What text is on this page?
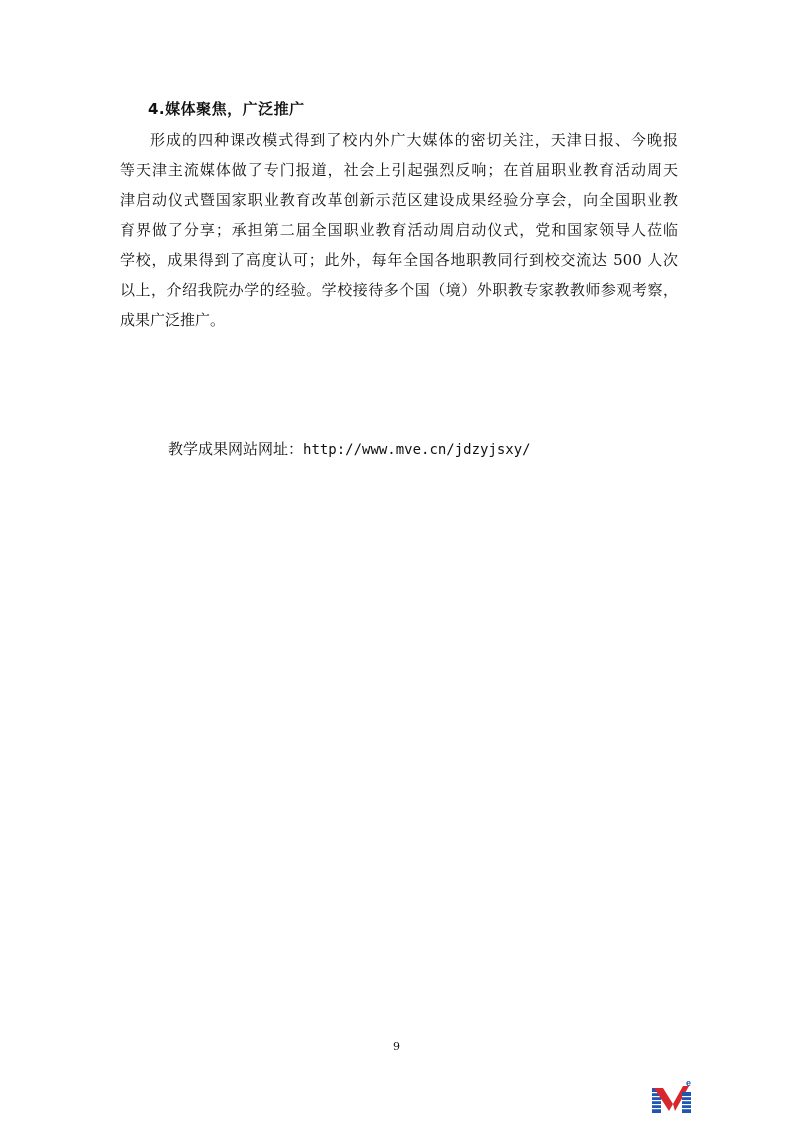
4.媒体聚焦，广泛推广
形成的四种课改模式得到了校内外广大媒体的密切关注，天津日报、今晚报
等天津主流媒体做了专门报道，社会上引起强烈反响；在首届职业教育活动周天
津启动仪式暨国家职业教育改革创新示范区建设成果经验分享会，向全国职业教
育界做了分享；承担第二届全国职业教育活动周启动仪式，党和国家领导人莅临
学校，成果得到了高度认可；此外，每年全国各地职教同行到校交流达 500 人次
以上，介绍我院办学的经验。学校接待多个国（境）外职教专家教教师参观考察，
成果广泛推广。
教学成果网站网址：http://www.mve.cn/jdzyjsxy/
9
e
